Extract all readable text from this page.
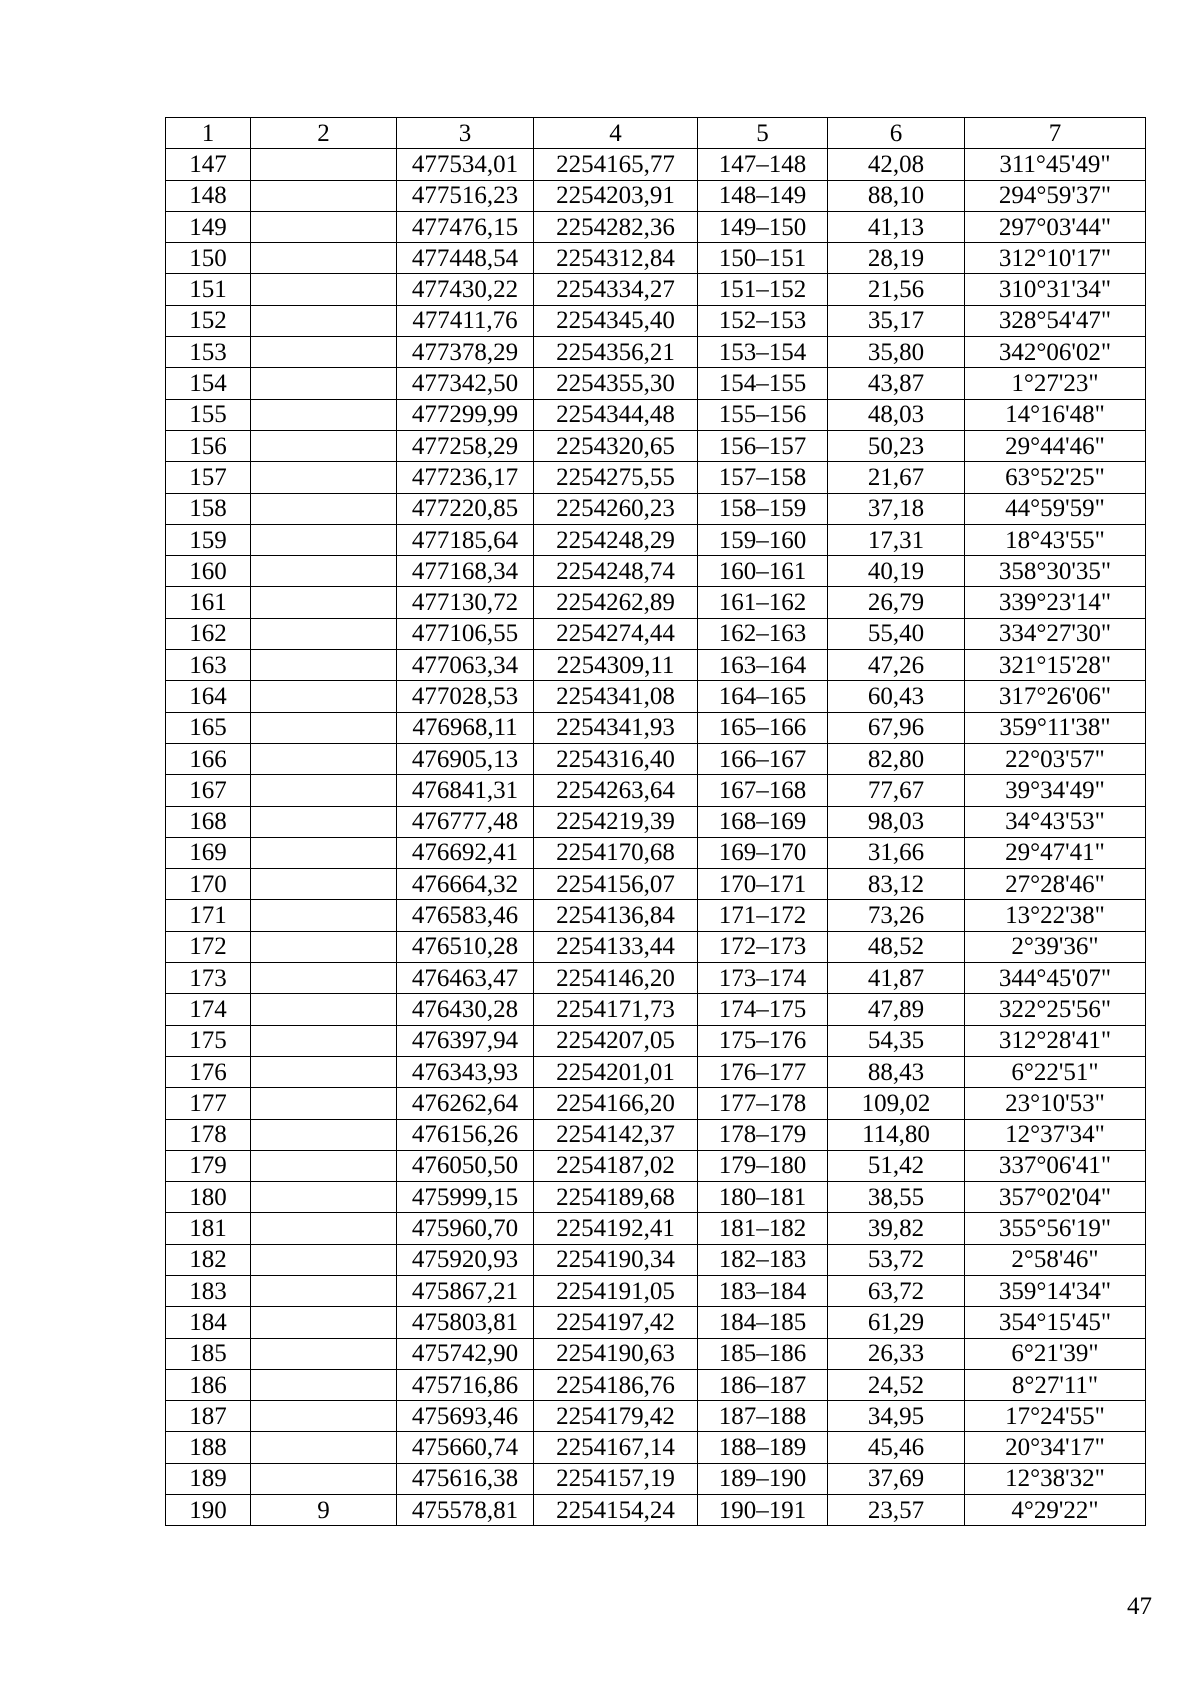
1	2	3	4	5	6	7
147		477534,01	2254165,77	147–148	42,08	311°45'49"
148		477516,23	2254203,91	148–149	88,10	294°59'37"
149		477476,15	2254282,36	149–150	41,13	297°03'44"
150		477448,54	2254312,84	150–151	28,19	312°10'17"
151		477430,22	2254334,27	151–152	21,56	310°31'34"
152		477411,76	2254345,40	152–153	35,17	328°54'47"
153		477378,29	2254356,21	153–154	35,80	342°06'02"
154		477342,50	2254355,30	154–155	43,87	1°27'23"
155		477299,99	2254344,48	155–156	48,03	14°16'48"
156		477258,29	2254320,65	156–157	50,23	29°44'46"
157		477236,17	2254275,55	157–158	21,67	63°52'25"
158		477220,85	2254260,23	158–159	37,18	44°59'59"
159		477185,64	2254248,29	159–160	17,31	18°43'55"
160		477168,34	2254248,74	160–161	40,19	358°30'35"
161		477130,72	2254262,89	161–162	26,79	339°23'14"
162		477106,55	2254274,44	162–163	55,40	334°27'30"
163		477063,34	2254309,11	163–164	47,26	321°15'28"
164		477028,53	2254341,08	164–165	60,43	317°26'06"
165		476968,11	2254341,93	165–166	67,96	359°11'38"
166		476905,13	2254316,40	166–167	82,80	22°03'57"
167		476841,31	2254263,64	167–168	77,67	39°34'49"
168		476777,48	2254219,39	168–169	98,03	34°43'53"
169		476692,41	2254170,68	169–170	31,66	29°47'41"
170		476664,32	2254156,07	170–171	83,12	27°28'46"
171		476583,46	2254136,84	171–172	73,26	13°22'38"
172		476510,28	2254133,44	172–173	48,52	2°39'36"
173		476463,47	2254146,20	173–174	41,87	344°45'07"
174		476430,28	2254171,73	174–175	47,89	322°25'56"
175		476397,94	2254207,05	175–176	54,35	312°28'41"
176		476343,93	2254201,01	176–177	88,43	6°22'51"
177		476262,64	2254166,20	177–178	109,02	23°10'53"
178		476156,26	2254142,37	178–179	114,80	12°37'34"
179		476050,50	2254187,02	179–180	51,42	337°06'41"
180		475999,15	2254189,68	180–181	38,55	357°02'04"
181		475960,70	2254192,41	181–182	39,82	355°56'19"
182		475920,93	2254190,34	182–183	53,72	2°58'46"
183		475867,21	2254191,05	183–184	63,72	359°14'34"
184		475803,81	2254197,42	184–185	61,29	354°15'45"
185		475742,90	2254190,63	185–186	26,33	6°21'39"
186		475716,86	2254186,76	186–187	24,52	8°27'11"
187		475693,46	2254179,42	187–188	34,95	17°24'55"
188		475660,74	2254167,14	188–189	45,46	20°34'17"
189		475616,38	2254157,19	189–190	37,69	12°38'32"
190	9	475578,81	2254154,24	190–191	23,57	4°29'22"
47
